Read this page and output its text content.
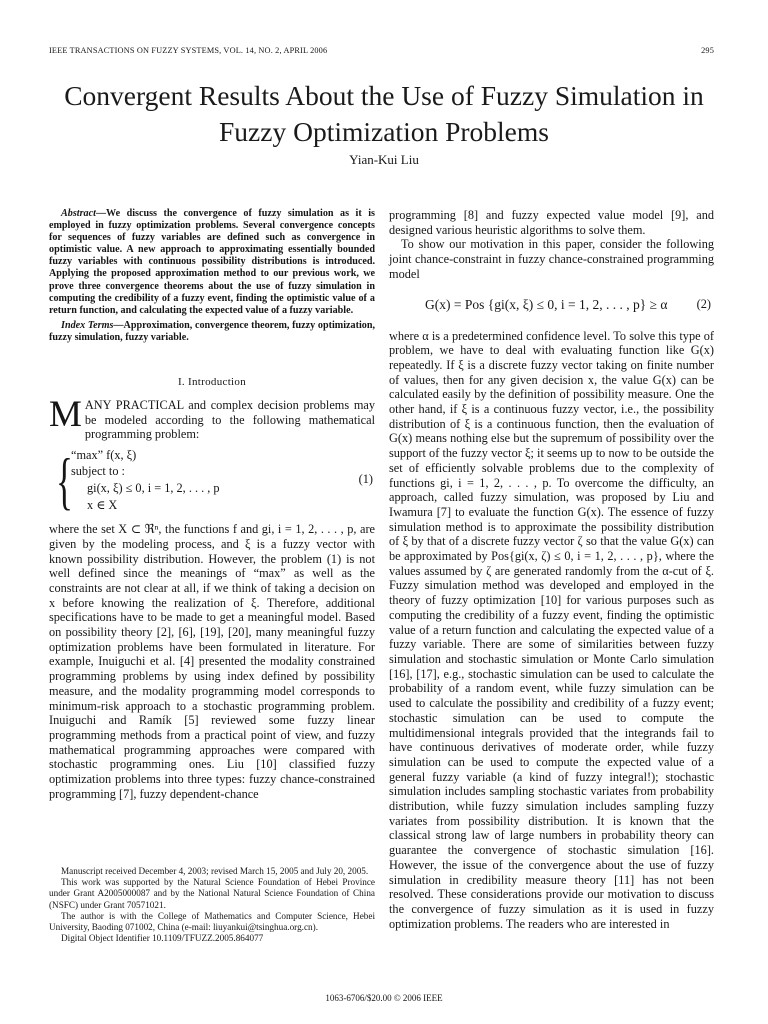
IEEE TRANSACTIONS ON FUZZY SYSTEMS, VOL. 14, NO. 2, APRIL 2006	295
Convergent Results About the Use of Fuzzy Simulation in Fuzzy Optimization Problems
Yian-Kui Liu

Abstract—We discuss the convergence of fuzzy simulation as it is employed in fuzzy optimization problems. Several convergence concepts for sequences of fuzzy variables are defined such as convergence in optimistic value. A new approach to approximating essentially bounded fuzzy variables with continuous possibility distributions is introduced. Applying the proposed approximation method to our previous work, we prove three convergence theorems about the use of fuzzy simulation in computing the credibility of a fuzzy event, finding the optimistic value of a return function, and calculating the expected value of a fuzzy variable.

Index Terms—Approximation, convergence theorem, fuzzy optimization, fuzzy simulation, fuzzy variable.

I. Introduction

MANY PRACTICAL and complex decision problems may be modeled according to the following mathematical programming problem:

{
“max” f(x, ξ)
subject to :
gi(x, ξ) ≤ 0, i = 1, 2, . . . , p
x ∈ X
(1)

where the set X ⊂ ℜⁿ, the functions f and gi, i = 1, 2, . . . , p, are given by the modeling process, and ξ is a fuzzy vector with known possibility distribution. However, the problem (1) is not well defined since the meanings of “max” as well as the constraints are not clear at all, if we think of taking a decision on x before knowing the realization of ξ. Therefore, additional specifications have to be made to get a meaningful model. Based on possibility theory [2], [6], [19], [20], many meaningful fuzzy optimization problems have been formulated in literature. For example, Inuiguchi et al. [4] presented the modality constrained programming problems by using index defined by possibility measure, and the modality programming model corresponds to minimum-risk approach to a stochastic programming problem. Inuiguchi and Ramík [5] reviewed some fuzzy linear programming methods from a practical point of view, and fuzzy mathematical programming approaches were compared with stochastic programming ones. Liu [10] classified fuzzy optimization problems into three types: fuzzy chance-constrained programming [7], fuzzy dependent-chance

programming [8] and fuzzy expected value model [9], and designed various heuristic algorithms to solve them.

To show our motivation in this paper, consider the following joint chance-constraint in fuzzy chance-constrained programming model

G(x) = Pos {gi(x, ξ) ≤ 0, i = 1, 2, . . . , p} ≥ α (2)

where α is a predetermined confidence level. To solve this type of problem, we have to deal with evaluating function like G(x) repeatedly. If ξ is a discrete fuzzy vector taking on finite number of values, then for any given decision x, the value G(x) can be calculated easily by the definition of possibility measure. One the other hand, if ξ is a continuous fuzzy vector, i.e., the possibility distribution of ξ is a continuous function, then the evaluation of G(x) means nothing else but the supremum of possibility over the support of the fuzzy vector ξ; it seems up to now to be outside the set of efficiently solvable problems due to the complexity of functions gi, i = 1, 2, . . . , p. To overcome the difficulty, an approach, called fuzzy simulation, was proposed by Liu and Iwamura [7] to evaluate the function G(x). The essence of fuzzy simulation method is to approximate the possibility distribution of ξ by that of a discrete fuzzy vector ζ so that the value G(x) can be approximated by Pos{gi(x, ζ) ≤ 0, i = 1, 2, . . . , p}, where the values assumed by ζ are generated randomly from the α-cut of ξ. Fuzzy simulation method was developed and employed in the theory of fuzzy optimization [10] for various purposes such as computing the credibility of a fuzzy event, finding the optimistic value of a return function and calculating the expected value of a fuzzy variable. There are some of similarities between fuzzy simulation and stochastic simulation or Monte Carlo simulation [16], [17], e.g., stochastic simulation can be used to calculate the probability of a random event, while fuzzy simulation can be used to calculate the possibility and credibility of a fuzzy event; stochastic simulation can be used to compute the multidimensional integrals provided that the integrands fail to have continuous derivatives of moderate order, while fuzzy simulation can be used to compute the expected value of a general fuzzy variable (a kind of fuzzy integral!); stochastic simulation includes sampling stochastic variates from probability distribution, while fuzzy simulation includes sampling fuzzy variates from possibility distribution. It is known that the classical strong law of large numbers in probability theory can guarantee the convergence of stochastic simulation [16]. However, the issue of the convergence about the use of fuzzy simulation in credibility measure theory [11] has not been resolved. These considerations provide our motivation to discuss the convergence of fuzzy simulation as it is used in fuzzy optimization problems. The readers who are interested in

Manuscript received December 4, 2003; revised March 15, 2005 and July 20, 2005.

This work was supported by the Natural Science Foundation of Hebei Province under Grant A2005000087 and by the National Natural Science Foundation of China (NSFC) under Grant 70571021.

The author is with the College of Mathematics and Computer Science, Hebei University, Baoding 071002, China (e-mail: liuyankui@tsinghua.org.cn).

Digital Object Identifier 10.1109/TFUZZ.2005.864077

1063-6706/$20.00 © 2006 IEEE
